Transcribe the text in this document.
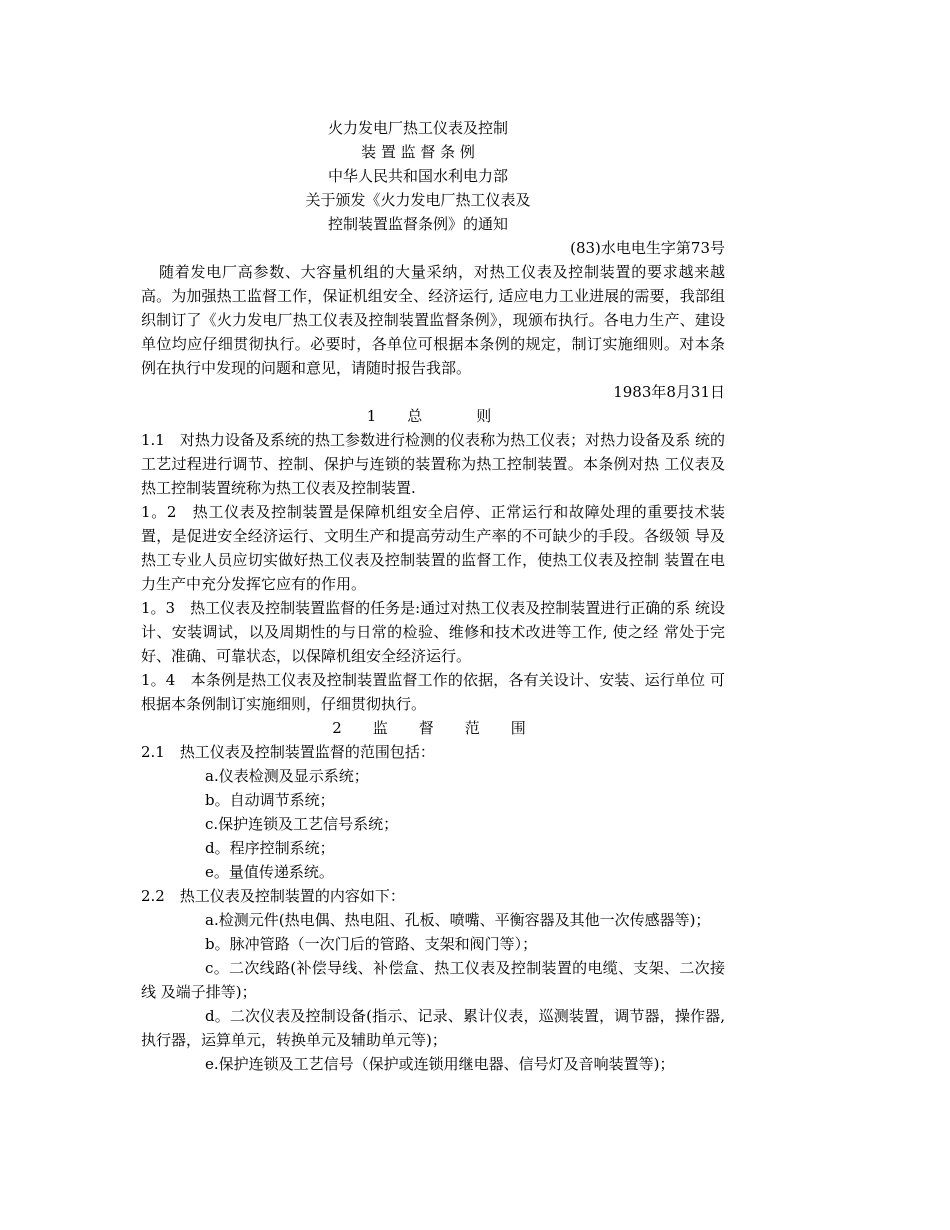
火力发电厂热工仪表及控制
装 置 监 督 条 例
中华人民共和国水利电力部
关于颁发《火力发电厂热工仪表及
控制装置监督条例》的通知
(83)水电电生字第73号

随着发电厂高参数、大容量机组的大量采纳，对热工仪表及控制装置的要求越来越高。为加强热工监督工作，保证机组安全、经济运行, 适应电力工业进展的需要，我部组织制订了《火力发电厂热工仪表及控制装置监督条例》，现颁布执行。各电力生产、建设单位均应仔细贯彻执行。必要时，各单位可根据本条例的规定，制订实施细则。对本条例在执行中发现的问题和意见，请随时报告我部。

1983年8月31日

1　总　　则

1.1　对热力设备及系统的热工参数进行检测的仪表称为热工仪表；对热力设备及系 统的工艺过程进行调节、控制、保护与连锁的装置称为热工控制装置。本条例对热 工仪表及热工控制装置统称为热工仪表及控制装置.

1。2　热工仪表及控制装置是保障机组安全启停、正常运行和故障处理的重要技术装 置，是促进安全经济运行、文明生产和提高劳动生产率的不可缺少的手段。各级领 导及热工专业人员应切实做好热工仪表及控制装置的监督工作，使热工仪表及控制 装置在电力生产中充分发挥它应有的作用。

1。3　热工仪表及控制装置监督的任务是:通过对热工仪表及控制装置进行正确的系 统设计、安装调试，以及周期性的与日常的检验、维修和技术改进等工作, 使之经 常处于完好、准确、可靠状态，以保障机组安全经济运行。

1。4　本条例是热工仪表及控制装置监督工作的依据，各有关设计、安装、运行单位 可根据本条例制订实施细则，仔细贯彻执行。

2　监　督　范　围

2.1　热工仪表及控制装置监督的范围包括：

a.仪表检测及显示系统；

b。自动调节系统；

c.保护连锁及工艺信号系统；

d。程序控制系统；

e。量值传递系统。

2.2　热工仪表及控制装置的内容如下：

a.检测元件(热电偶、热电阻、孔板、喷嘴、平衡容器及其他一次传感器等)；

b。脉冲管路（一次门后的管路、支架和阀门等）；

c。二次线路(补偿导线、补偿盒、热工仪表及控制装置的电缆、支架、二次接线 及端子排等)；

d。二次仪表及控制设备(指示、记录、累计仪表，巡测装置，调节器，操作器, 执行器，运算单元，转换单元及辅助单元等)；

e.保护连锁及工艺信号（保护或连锁用继电器、信号灯及音响装置等)；
